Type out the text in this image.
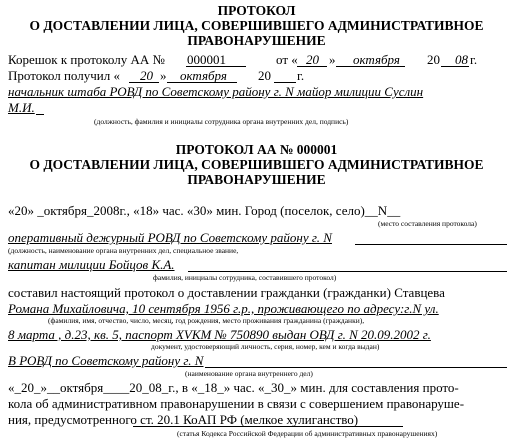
ПРОТОКОЛ
О ДОСТАВЛЕНИИ ЛИЦА, СОВЕРШИВШЕГО АДМИНИСТРАТИВНОЕ
ПРАВОНАРУШЕНИЕ
Корешок к протоколу АА № 000001	от « 20 » октября 20 08 г.
Протокол получил « 20 » октября 20 г.
начальник штаба РОВД по Советскому району г. N майор милиции Суслин
М.И.
(должность, фамилия и инициалы сотрудника органа внутренних дел, подпись)
ПРОТОКОЛ АА № 000001
О ДОСТАВЛЕНИИ ЛИЦА, СОВЕРШИВШЕГО АДМИНИСТРАТИВНОЕ
ПРАВОНАРУШЕНИЕ
«20» _октября_2008г., «18» час. «30» мин. Город (поселок, село)__N__
(место составления протокола)
оперативный дежурный РОВД по Советскому району г. N
(должность, наименование органа внутренних дел, специальное звание,
капитан милиции Бойцов К.А.
фамилия, инициалы сотрудника, составившего протокол)
составил настоящий протокол о доставлении гражданки (гражданки) Ставцева
Романа Михайловича, 10 сентября 1956 г.р., проживающего по адресу:г.N ул.
(фамилия, имя, отчество, число, месяц, год рождения, место проживания гражданина (гражданки),
8 марта , д.23, кв. 5, паспорт XVКМ № 750890 выдан ОВД г. N 20.09.2002 г.
документ, удостоверяющий личность, серия, номер, кем и когда выдан)
В РОВД по Советскому району г. N
(наименование органа внутреннего дел)
«_20_»__октября____20_08_г., в «_18_» час. «_30_» мин. для составления прото-
кола об административном правонарушении в связи с совершением правонаруше-
ния, предусмотренного ст. 20.1 КоАП РФ (мелкое хулиганство)
(статья Кодекса Российской Федерации об административных правонарушениях)
